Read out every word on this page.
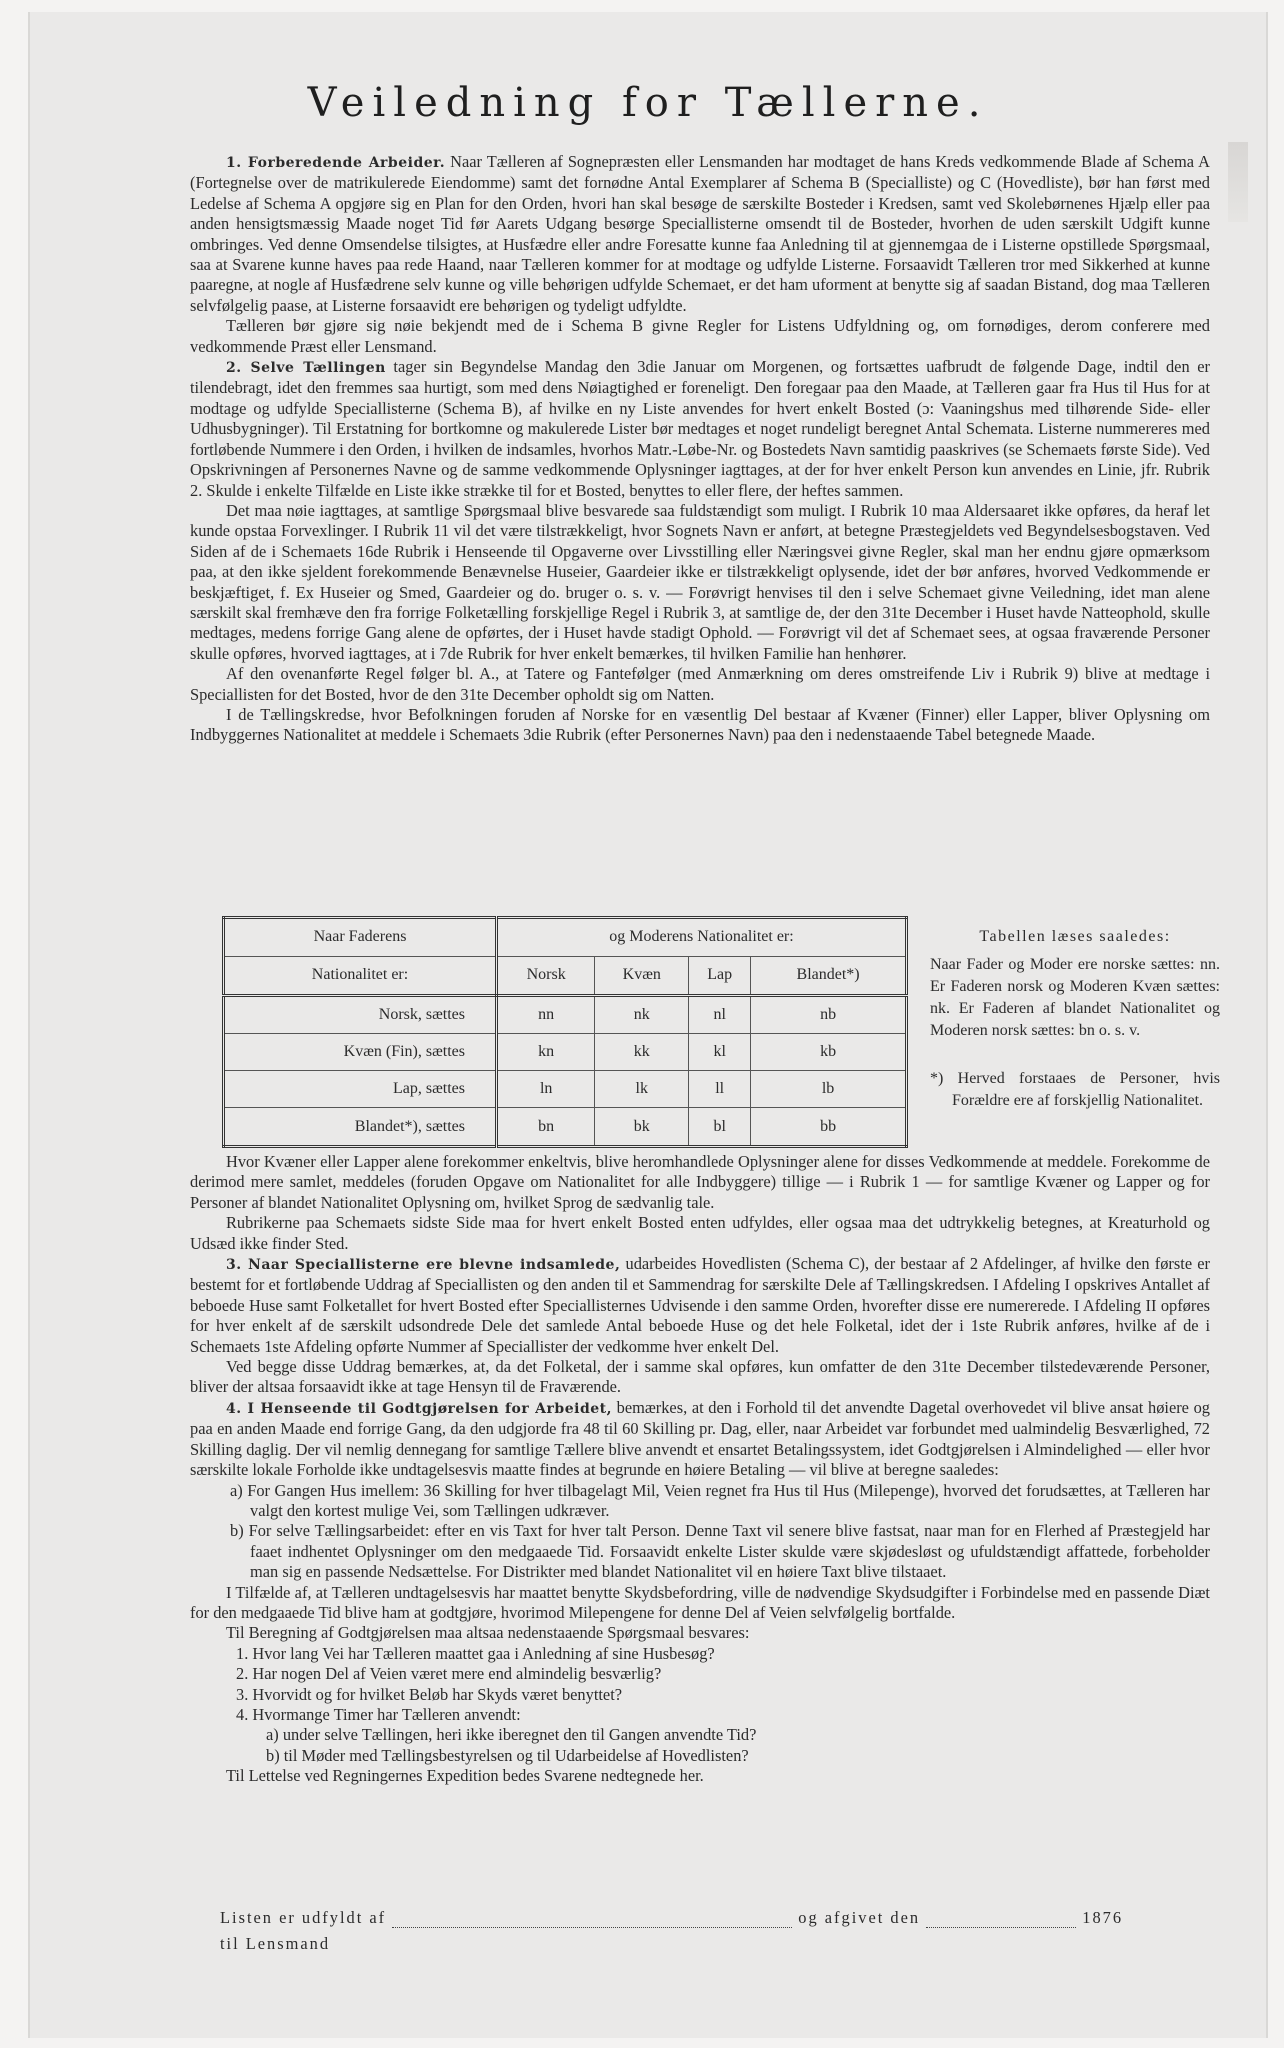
Veiledning for Tællerne.

1. Forberedende Arbeider. Naar Tælleren af Sognepræsten eller Lensmanden har modtaget de hans Kreds vedkommende Blade af Schema A (Fortegnelse over de matrikulerede Eiendomme) samt det fornødne Antal Exemplarer af Schema B (Specialliste) og C (Hovedliste), bør han først med Ledelse af Schema A opgjøre sig en Plan for den Orden, hvori han skal besøge de særskilte Bosteder i Kredsen, samt ved Skolebørnenes Hjælp eller paa anden hensigtsmæssig Maade noget Tid før Aarets Udgang besørge Speciallisterne omsendt til de Bosteder, hvorhen de uden særskilt Udgift kunne ombringes. Ved denne Omsendelse tilsigtes, at Husfædre eller andre Foresatte kunne faa Anledning til at gjennemgaa de i Listerne opstillede Spørgsmaal, saa at Svarene kunne haves paa rede Haand, naar Tælleren kommer for at modtage og udfylde Listerne. Forsaavidt Tælleren tror med Sikkerhed at kunne paaregne, at nogle af Husfædrene selv kunne og ville behørigen udfylde Schemaet, er det ham uforment at benytte sig af saadan Bistand, dog maa Tælleren selvfølgelig paase, at Listerne forsaavidt ere behørigen og tydeligt udfyldte.

Tælleren bør gjøre sig nøie bekjendt med de i Schema B givne Regler for Listens Udfyldning og, om fornødiges, derom conferere med vedkommende Præst eller Lensmand.

2. Selve Tællingen tager sin Begyndelse Mandag den 3die Januar om Morgenen, og fortsættes uafbrudt de følgende Dage, indtil den er tilendebragt, idet den fremmes saa hurtigt, som med dens Nøiagtighed er foreneligt. Den foregaar paa den Maade, at Tælleren gaar fra Hus til Hus for at modtage og udfylde Speciallisterne (Schema B), af hvilke en ny Liste anvendes for hvert enkelt Bosted (ɔ: Vaaningshus med tilhørende Side- eller Udhusbygninger). Til Erstatning for bortkomne og makulerede Lister bør medtages et noget rundeligt beregnet Antal Schemata. Listerne nummereres med fortløbende Nummere i den Orden, i hvilken de indsamles, hvorhos Matr.-Løbe-Nr. og Bostedets Navn samtidig paaskrives (se Schemaets første Side). Ved Opskrivningen af Personernes Navne og de samme vedkommende Oplysninger iagttages, at der for hver enkelt Person kun anvendes en Linie, jfr. Rubrik 2. Skulde i enkelte Tilfælde en Liste ikke strække til for et Bosted, benyttes to eller flere, der heftes sammen.

Det maa nøie iagttages, at samtlige Spørgsmaal blive besvarede saa fuldstændigt som muligt. I Rubrik 10 maa Aldersaaret ikke opføres, da heraf let kunde opstaa Forvexlinger. I Rubrik 11 vil det være tilstrækkeligt, hvor Sognets Navn er anført, at betegne Præstegjeldets ved Begyndelsesbogstaven. Ved Siden af de i Schemaets 16de Rubrik i Henseende til Opgaverne over Livsstilling eller Næringsvei givne Regler, skal man her endnu gjøre opmærksom paa, at den ikke sjeldent forekommende Benævnelse Huseier, Gaardeier ikke er tilstrækkeligt oplysende, idet der bør anføres, hvorved Vedkommende er beskjæftiget, f. Ex Huseier og Smed, Gaardeier og do. bruger o. s. v. — Forøvrigt henvises til den i selve Schemaet givne Veiledning, idet man alene særskilt skal fremhæve den fra forrige Folketælling forskjellige Regel i Rubrik 3, at samtlige de, der den 31te December i Huset havde Natteophold, skulle medtages, medens forrige Gang alene de opførtes, der i Huset havde stadigt Ophold. — Forøvrigt vil det af Schemaet sees, at ogsaa fraværende Personer skulle opføres, hvorved iagttages, at i 7de Rubrik for hver enkelt bemærkes, til hvilken Familie han henhører.

Af den ovenanførte Regel følger bl. A., at Tatere og Fantefølger (med Anmærkning om deres omstreifende Liv i Rubrik 9) blive at medtage i Speciallisten for det Bosted, hvor de den 31te December opholdt sig om Natten.

I de Tællingskredse, hvor Befolkningen foruden af Norske for en væsentlig Del bestaar af Kvæner (Finner) eller Lapper, bliver Oplysning om Indbyggernes Nationalitet at meddele i Schemaets 3die Rubrik (efter Personernes Navn) paa den i nedenstaaende Tabel betegnede Maade.

Naar Faderens	og Moderens Nationalitet er:			
Nationalitet er:	Norsk	Kvæn	Lap	Blandet*)
Norsk, sættes	nn	nk	nl	nb
Kvæn (Fin), sættes	kn	kk	kl	kb
Lap, sættes	ln	lk	ll	lb
Blandet*), sættes	bn	bk	bl	bb
Tabellen læses saaledes:
Naar Fader og Moder ere norske sættes: nn. Er Faderen norsk og Moderen Kvæn sættes: nk. Er Faderen af blandet Nationalitet og Moderen norsk sættes: bn o. s. v.
*) Herved forstaaes de Personer, hvis Forældre ere af forskjellig Nationalitet.

Hvor Kvæner eller Lapper alene forekommer enkeltvis, blive heromhandlede Oplysninger alene for disses Vedkommende at meddele. Forekomme de derimod mere samlet, meddeles (foruden Opgave om Nationalitet for alle Indbyggere) tillige — i Rubrik 1 — for samtlige Kvæner og Lapper og for Personer af blandet Nationalitet Oplysning om, hvilket Sprog de sædvanlig tale.

Rubrikerne paa Schemaets sidste Side maa for hvert enkelt Bosted enten udfyldes, eller ogsaa maa det udtrykkelig betegnes, at Kreaturhold og Udsæd ikke finder Sted.

3. Naar Speciallisterne ere blevne indsamlede, udarbeides Hovedlisten (Schema C), der bestaar af 2 Afdelinger, af hvilke den første er bestemt for et fortløbende Uddrag af Speciallisten og den anden til et Sammendrag for særskilte Dele af Tællingskredsen. I Afdeling I opskrives Antallet af beboede Huse samt Folketallet for hvert Bosted efter Speciallisternes Udvisende i den samme Orden, hvorefter disse ere numererede. I Afdeling II opføres for hver enkelt af de særskilt udsondrede Dele det samlede Antal beboede Huse og det hele Folketal, idet der i 1ste Rubrik anføres, hvilke af de i Schemaets 1ste Afdeling opførte Nummer af Speciallister der vedkomme hver enkelt Del.

Ved begge disse Uddrag bemærkes, at, da det Folketal, der i samme skal opføres, kun omfatter de den 31te December tilstedeværende Personer, bliver der altsaa forsaavidt ikke at tage Hensyn til de Fraværende.

4. I Henseende til Godtgjørelsen for Arbeidet, bemærkes, at den i Forhold til det anvendte Dagetal overhovedet vil blive ansat høiere og paa en anden Maade end forrige Gang, da den udgjorde fra 48 til 60 Skilling pr. Dag, eller, naar Arbeidet var forbundet med ualmindelig Besværlighed, 72 Skilling daglig. Der vil nemlig dennegang for samtlige Tællere blive anvendt et ensartet Betalingssystem, idet Godtgjørelsen i Almindelighed — eller hvor særskilte lokale Forholde ikke undtagelsesvis maatte findes at begrunde en høiere Betaling — vil blive at beregne saaledes:

a) For Gangen Hus imellem: 36 Skilling for hver tilbagelagt Mil, Veien regnet fra Hus til Hus (Milepenge), hvorved det forudsættes, at Tælleren har valgt den kortest mulige Vei, som Tællingen udkræver.

b) For selve Tællingsarbeidet: efter en vis Taxt for hver talt Person. Denne Taxt vil senere blive fastsat, naar man for en Flerhed af Præstegjeld har faaet indhentet Oplysninger om den medgaaede Tid. Forsaavidt enkelte Lister skulde være skjødesløst og ufuldstændigt affattede, forbeholder man sig en passende Nedsættelse. For Distrikter med blandet Nationalitet vil en høiere Taxt blive tilstaaet.

I Tilfælde af, at Tælleren undtagelsesvis har maattet benytte Skydsbefordring, ville de nødvendige Skydsudgifter i Forbindelse med en passende Diæt for den medgaaede Tid blive ham at godtgjøre, hvorimod Milepengene for denne Del af Veien selvfølgelig bortfalde.

Til Beregning af Godtgjørelsen maa altsaa nedenstaaende Spørgsmaal besvares:

1. Hvor lang Vei har Tælleren maattet gaa i Anledning af sine Husbesøg?

2. Har nogen Del af Veien været mere end almindelig besværlig?

3. Hvorvidt og for hvilket Beløb har Skyds været benyttet?

4. Hvormange Timer har Tælleren anvendt:

a) under selve Tællingen, heri ikke iberegnet den til Gangen anvendte Tid?

b) til Møder med Tællingsbestyrelsen og til Udarbeidelse af Hovedlisten?

Til Lettelse ved Regningernes Expedition bedes Svarene nedtegnede her.

Listen er udfyldt af	og afgivet den	1876
til Lensmand
